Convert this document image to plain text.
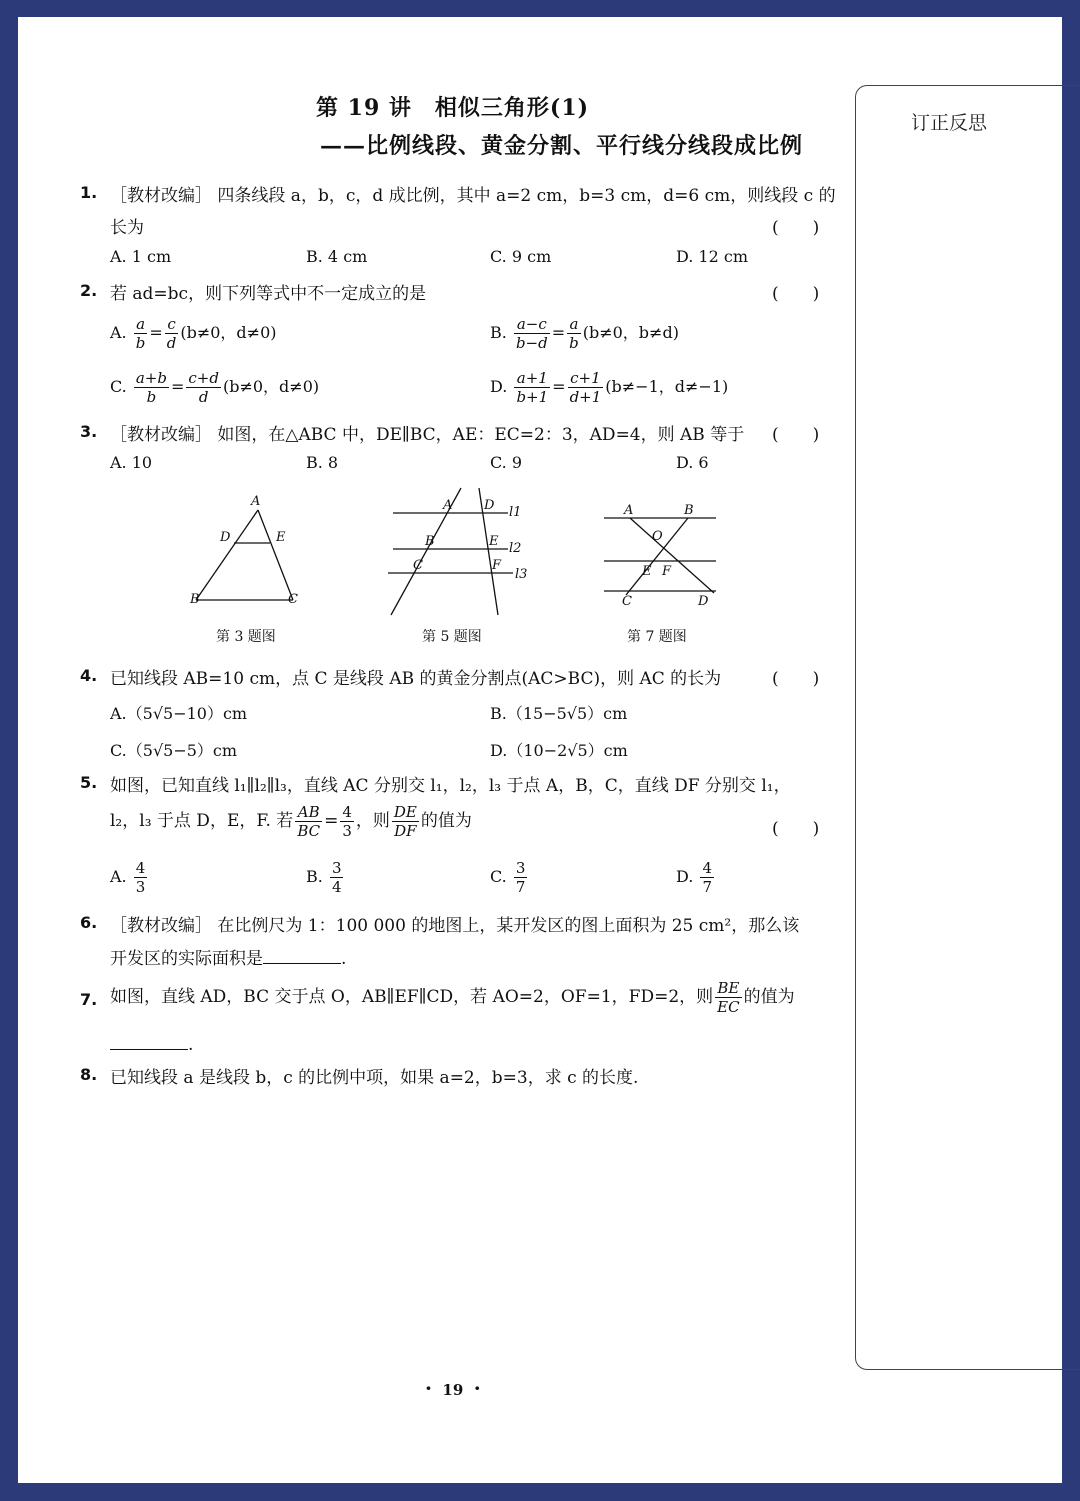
订正反思
第 19 讲　相似三角形(1)
——比例线段、黄金分割、平行线分线段成比例
1. ［教材改编］ 四条线段 a，b，c，d 成比例，其中 a=2 cm，b=3 cm，d=6 cm，则线段 c 的
长为	(　　)
A. 1 cm	B. 4 cm	C. 9 cm	D. 12 cm
2. 若 ad=bc，则下列等式中不一定成立的是	(　　)
A. $\frac{a}{b} = \frac{c}{d} (b\ne 0$，d≠0)	B. $\frac{a-c}{b-d} = \frac{a}{b} (b\ne 0$，b≠d)
C. $\frac{a+b}{b} = \frac{c+d}{d} (b\ne 0$，d≠0)	D. $\frac{a+1}{b+1} = \frac{c+1}{d+1} (b\ne-1$，d≠−1)
3. ［教材改编］ 如图，在△ABC 中，DE∥BC，AE：EC=2：3，AD=4，则 AB 等于 (　　)
A. 10	B. 8	C. 9	D. 6
A
D	E
B	C
第 3 题图
A D l1
B	E l2
C	F
l3
第 5 题图
A	B
O
E F
C	D
第 7 题图
4. 已知线段 AB=10 cm，点 C 是线段 AB 的黄金分割点(AC>BC)，则 AC 的长为	(　　)
A.（5√5−10）cm	B.（15−5√5）cm
C.（5√5−5）cm	D.（10−2√5）cm
5. 如图，已知直线 l₁∥l₂∥l₃，直线 AC 分别交 l₁，l₂，l₃ 于点 A，B，C，直线 DF 分别交 l₁，
l₂，l₃ 于点 D，E，F. 若 $\frac{AB}{BC} = \frac{4}{3}$ ，则 $\frac{DE}{DF}$ 的值为	(　　)
A. $\frac{4}{3}$	B. $\frac{3}{4}$	C. $\frac{3}{7}$	D. $\frac{4}{7}$
6. ［教材改编］ 在比例尺为 1：100 000 的地图上，某开发区的图上面积为 25 cm²，那么该
开发区的实际面积是	.
7. 如图，直线 AD，BC 交于点 O，AB∥EF∥CD，若 AO=2，OF=1，FD=2，则 $\frac{BE}{EC}$ 的值为
.
8. 已知线段 a 是线段 b，c 的比例中项，如果 a=2，b=3，求 c 的长度.
· 19 ·
